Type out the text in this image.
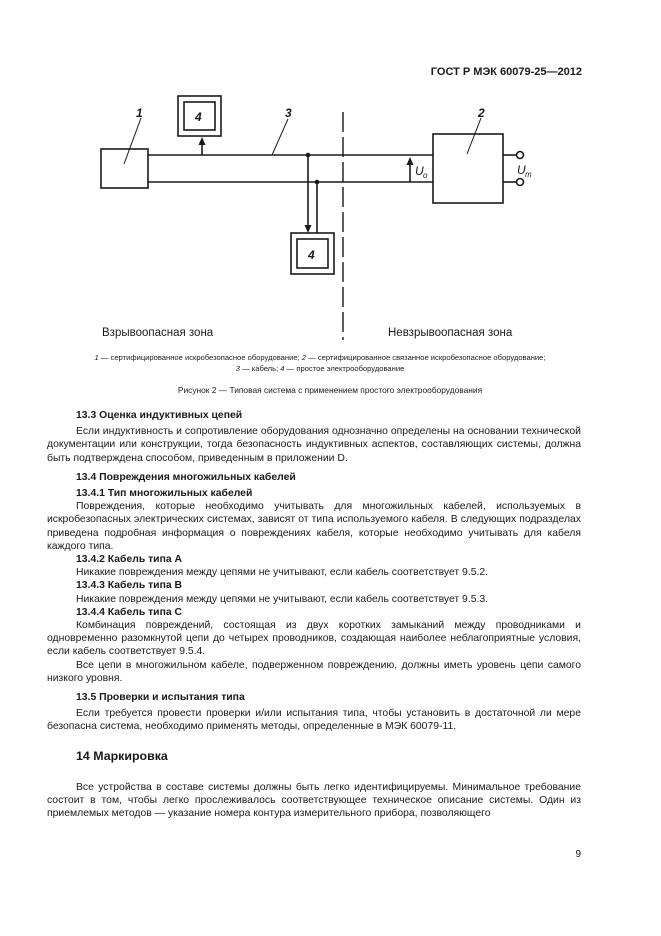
ГОСТ Р МЭК 60079-25—2012
1	2
3
4
4
U o	U m
Взрывоопасная зона	Невзрывоопасная зона
1 — сертифицированное искробезопасное оборудование; 2 — сертифицированное связанное искробезопасное оборудование;
3 — кабель; 4 — простое электрооборудование
Рисунок 2 — Типовая система с применением простого электрооборудования

13.3 Оценка индуктивных цепей

Если индуктивность и сопротивление оборудования однозначно определены на основании технической документации или конструкции, тогда безопасность индуктивных аспектов, составляющих системы, должна быть подтверждена способом, приведенным в приложении D.

13.4 Повреждения многожильных кабелей

13.4.1 Тип многожильных кабелей

Повреждения, которые необходимо учитывать для многожильных кабелей, используемых в искробезопасных электрических системах, зависят от типа используемого кабеля. В следующих подразделах приведена подробная информация о повреждениях кабеля, которые необходимо учитывать для кабеля каждого типа.

13.4.2 Кабель типа А

Никакие повреждения между цепями не учитывают, если кабель соответствует 9.5.2.

13.4.3 Кабель типа В

Никакие повреждения между цепями не учитывают, если кабель соответствует 9.5.3.

13.4.4 Кабель типа С

Комбинация повреждений, состоящая из двух коротких замыканий между проводниками и одновременно разомкнутой цепи до четырех проводников, создающая наиболее неблагоприятные условия, если кабель соответствует 9.5.4.

Все цепи в многожильном кабеле, подверженном повреждению, должны иметь уровень цепи самого низкого уровня.

13.5 Проверки и испытания типа

Если требуется провести проверки и/или испытания типа, чтобы установить в достаточной ли мере безопасна система, необходимо применять методы, определенные в МЭК 60079-11.

14 Маркировка

Все устройства в составе системы должны быть легко идентифицируемы. Минимальное требование состоит в том, чтобы легко прослеживалось соответствующее техническое описание системы. Один из приемлемых методов — указание номера контура измерительного прибора, позволяющего

9
